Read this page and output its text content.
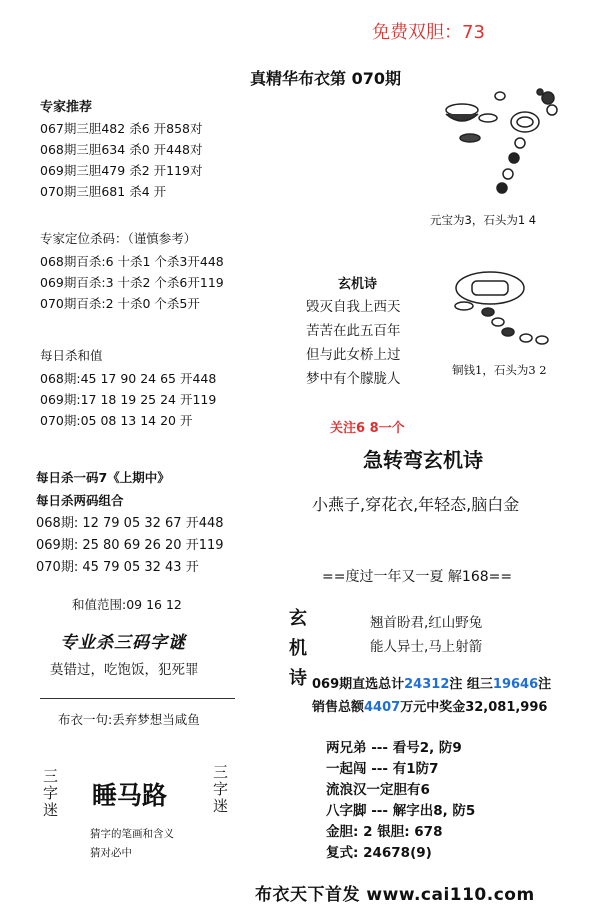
免费双胆：73
真精华布衣第 070期
专家推荐
067期三胆482 杀6 开858对
068期三胆634 杀0 开448对
069期三胆479 杀2 开119对
070期三胆681 杀4 开
专家定位杀码：（谨慎参考）
068期百杀:6 十杀1 个杀3开448
069期百杀:3 十杀2 个杀6开119
070期百杀:2 十杀0 个杀5开
每日杀和值
068期:45 17 90 24 65 开448
069期:17 18 19 25 24 开119
070期:05 08 13 14 20 开
每日杀一码7《上期中》
每日杀两码组合
068期: 12 79 05 32 67 开448
069期: 25 80 69 26 20 开119
070期: 45 79 05 32 43 开
和值范围:09 16 12
专业杀三码字谜
莫错过，吃饱饭，犯死罪
布衣一句:丢弃梦想当咸鱼
三字迷	三字迷
睡马路
猜字的笔画和含义
猜对必中
元宝为3，石头为1 4
玄机诗
毁灭自我上西天
苦苦在此五百年
但与此女桥上过
梦中有个朦胧人
铜钱1，石头为3 2
关注6 8一个
急转弯玄机诗
小燕子,穿花衣,年轻态,脑白金
==度过一年又一夏 解168==
玄
机
诗
翘首盼君,红山野兔
能人异士,马上射箭
069期直选总计24312注 组三19646注
销售总额4407万元中奖金32,081,996
两兄弟 --- 看号2, 防9
一起闯 --- 有1防7
流浪汉一定胆有6
八字脚 --- 解字出8, 防5
金胆: 2 银胆: 678
复式: 24678(9)
布衣天下首发 www.cai110.com
